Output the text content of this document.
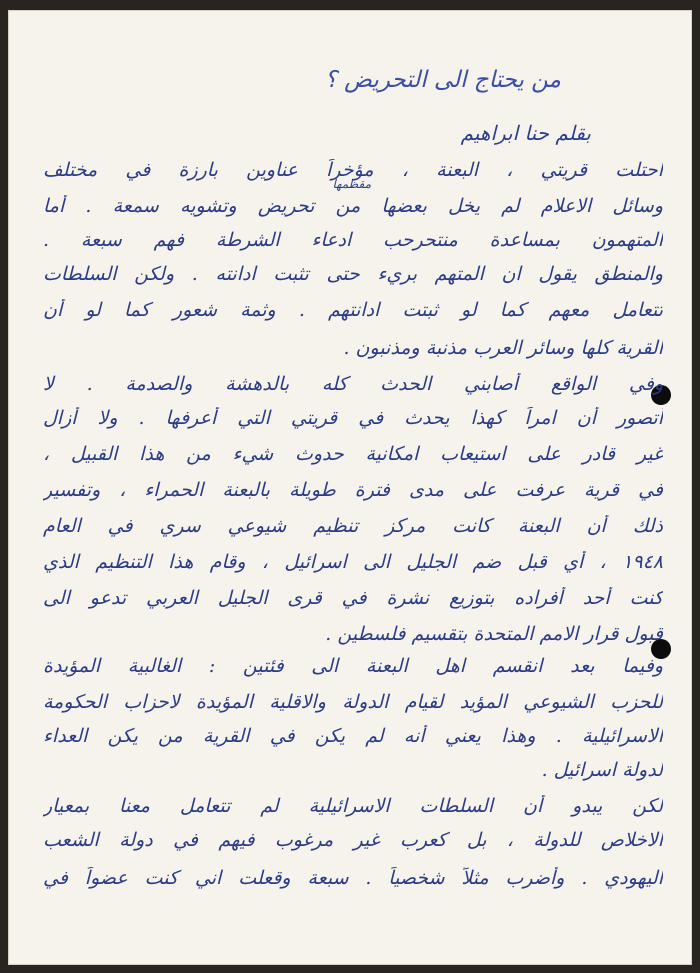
من يحتاج الى التحريض ؟
بقلم حنا ابراهيم
مقظمها
احتلت قريتي ، البعنة ، مؤخراً عناوين بارزة في مختلف
وسائل الاعلام لم يخل بعضها من تحريض وتشويه سمعة . أما
المتهمون بمساعدة منتحرحب ادعاء الشرطة فهم سبعة .
والمنطق يقول ان المتهم بريء حتى تثبت ادانته . ولكن السلطات
تتعامل معهم كما لو ثبتت ادانتهم . وثمة شعور كما لو أن
القرية كلها وسائر العرب مذنبة ومذنبون .
وفي الواقع أصابني الحدث كله بالدهشة والصدمة . لا
أتصور أن امراً كهذا يحدث في قريتي التي أعرفها . ولا أزال
غير قادر على استيعاب امكانية حدوث شيء من هذا القبيل ،
في قرية عرفت على مدى فترة طويلة بالبعنة الحمراء ، وتفسير
ذلك أن البعنة كانت مركز تنظيم شيوعي سري في العام
١٩٤٨ ، أي قبل ضم الجليل الى اسرائيل ، وقام هذا التنظيم الذي
كنت أحد أفراده بتوزيع نشرة في قرى الجليل العربي تدعو الى
قبول قرار الامم المتحدة بتقسيم فلسطين .
وفيما بعد انقسم اهل البعنة الى فئتين : الغالبية المؤيدة
للحزب الشيوعي المؤيد لقيام الدولة والاقلية المؤيدة لاحزاب الحكومة
الاسرائيلية . وهذا يعني أنه لم يكن في القرية من يكن العداء
لدولة اسرائيل .
لكن يبدو أن السلطات الاسرائيلية لم تتعامل معنا بمعيار
الاخلاص للدولة ، بل كعرب غير مرغوب فيهم في دولة الشعب
اليهودي . وأضرب مثلاً شخصياً . سبعة وقعلت اني كنت عضواً في
